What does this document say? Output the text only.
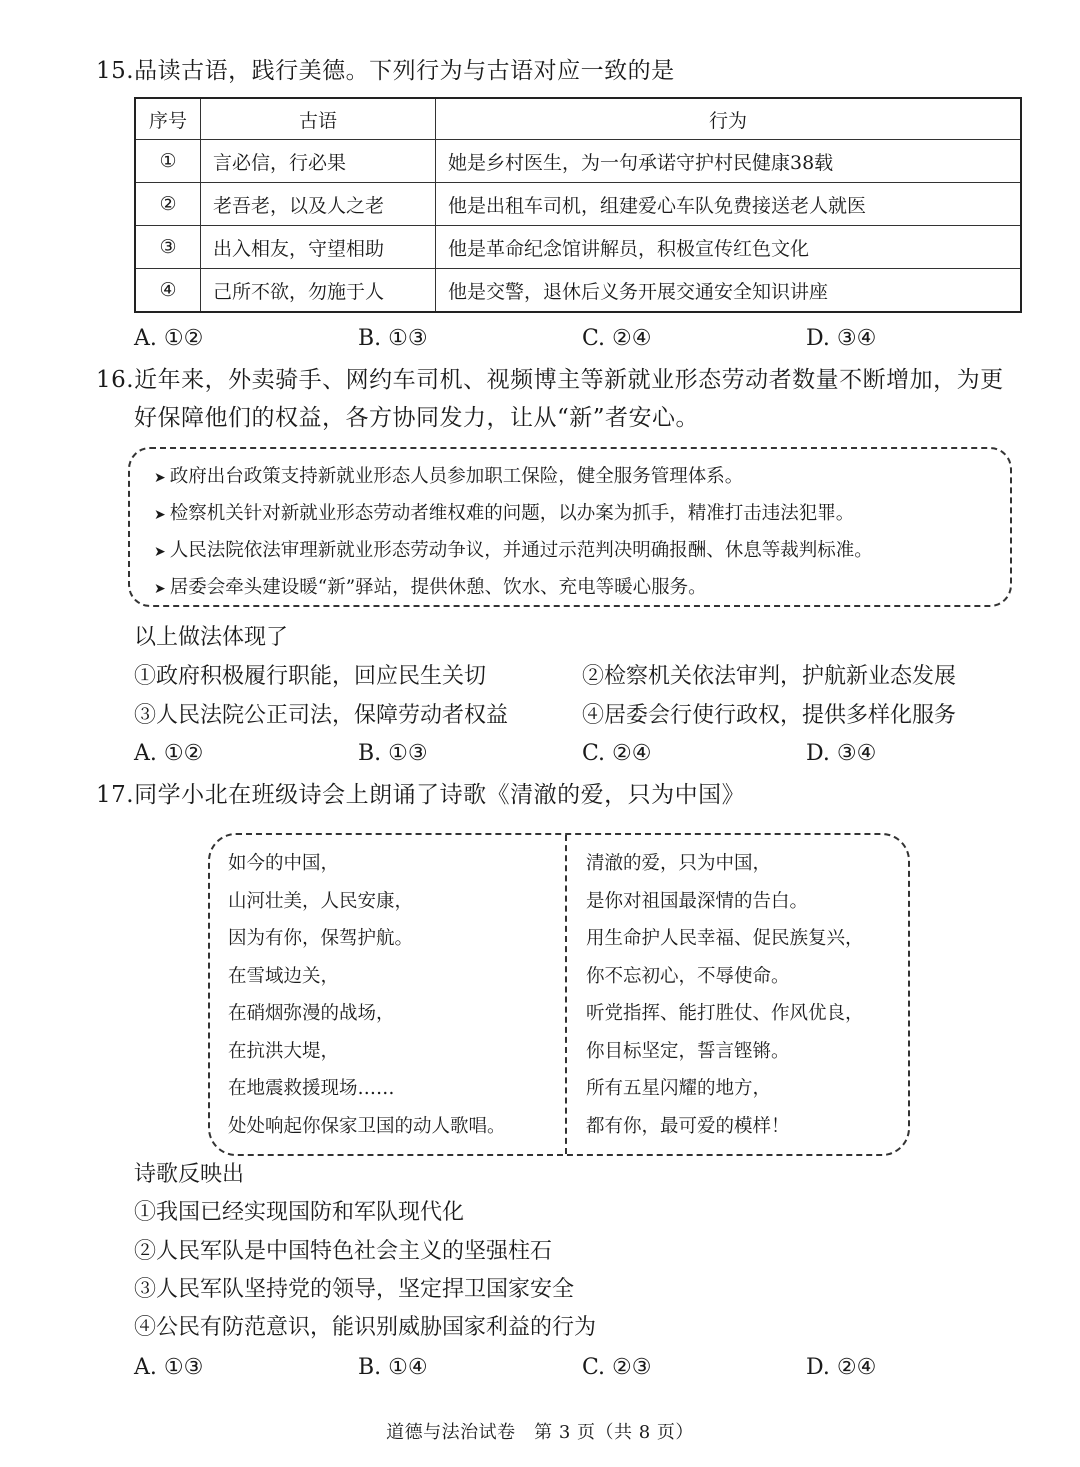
15.品读古语，践行美德。下列行为与古语对应一致的是
序号	古语	行为
①	言必信，行必果	她是乡村医生，为一句承诺守护村民健康38载
②	老吾老，以及人之老	他是出租车司机，组建爱心车队免费接送老人就医
③	出入相友，守望相助	他是革命纪念馆讲解员，积极宣传红色文化
④	己所不欲，勿施于人	他是交警，退休后义务开展交通安全知识讲座
A. ①②	B. ①③	C. ②④	D. ③④
16.近年来，外卖骑手、网约车司机、视频博主等新就业形态劳动者数量不断增加，为更
好保障他们的权益，各方协同发力，让从“新”者安心。
➤ 政府出台政策支持新就业形态人员参加职工保险，健全服务管理体系。
➤ 检察机关针对新就业形态劳动者维权难的问题，以办案为抓手，精准打击违法犯罪。
➤ 人民法院依法审理新就业形态劳动争议，并通过示范判决明确报酬、休息等裁判标准。
➤ 居委会牵头建设暖“新”驿站，提供休憩、饮水、充电等暖心服务。
以上做法体现了
①政府积极履行职能，回应民生关切	②检察机关依法审判，护航新业态发展
③人民法院公正司法，保障劳动者权益	④居委会行使行政权，提供多样化服务
A. ①②	B. ①③	C. ②④	D. ③④
17.同学小北在班级诗会上朗诵了诗歌《清澈的爱，只为中国》
如今的中国，
山河壮美，人民安康，
因为有你，保驾护航。
在雪域边关，
在硝烟弥漫的战场，
在抗洪大堤，
在地震救援现场……
处处响起你保家卫国的动人歌唱。
清澈的爱，只为中国，
是你对祖国最深情的告白。
用生命护人民幸福、促民族复兴，
你不忘初心，不辱使命。
听党指挥、能打胜仗、作风优良，
你目标坚定，誓言铿锵。
所有五星闪耀的地方，
都有你，最可爱的模样！
诗歌反映出
①我国已经实现国防和军队现代化
②人民军队是中国特色社会主义的坚强柱石
③人民军队坚持党的领导，坚定捍卫国家安全
④公民有防范意识，能识别威胁国家利益的行为
A. ①③	B. ①④	C. ②③	D. ②④
道德与法治试卷　第 3 页（共 8 页）
